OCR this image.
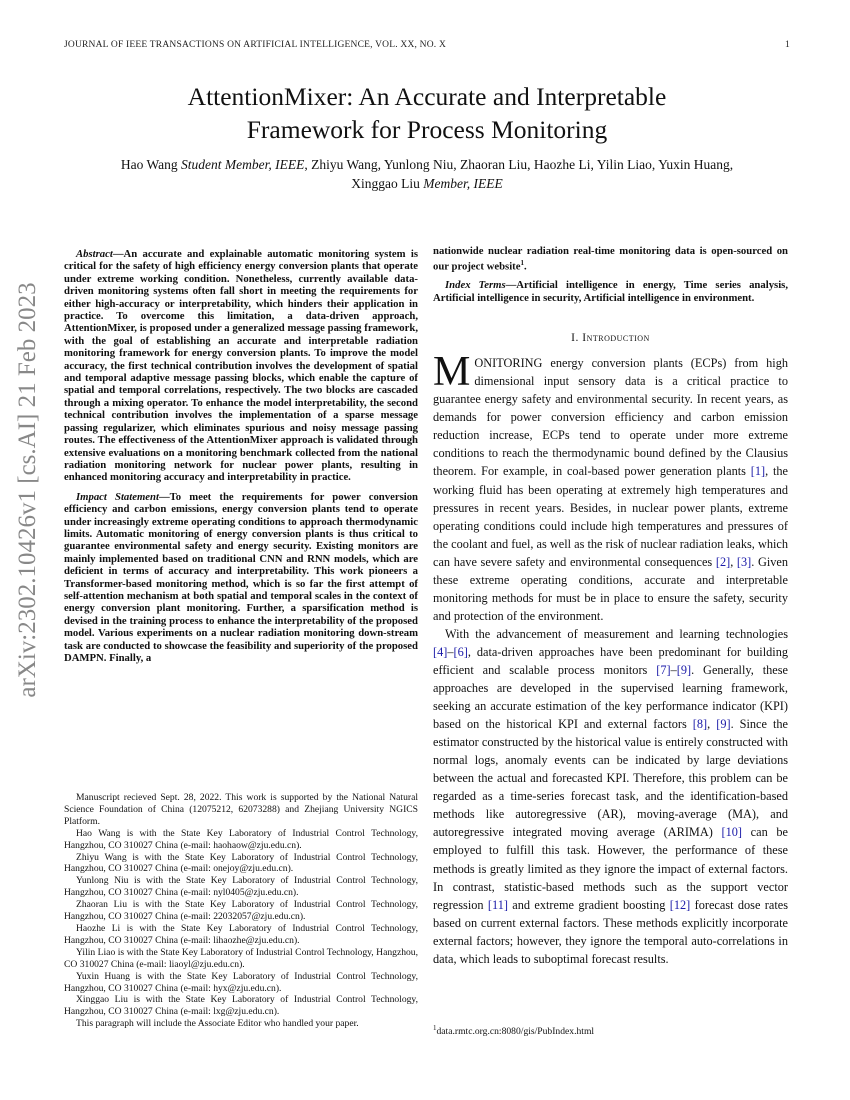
JOURNAL OF IEEE TRANSACTIONS ON ARTIFICIAL INTELLIGENCE, VOL. XX, NO. X	1
arXiv:2302.10426v1 [cs.AI] 21 Feb 2023
AttentionMixer: An Accurate and Interpretable
Framework for Process Monitoring
Hao Wang Student Member, IEEE, Zhiyu Wang, Yunlong Niu, Zhaoran Liu, Haozhe Li, Yilin Liao, Yuxin Huang,
Xinggao Liu Member, IEEE

Abstract—An accurate and explainable automatic monitoring system is critical for the safety of high efficiency energy conversion plants that operate under extreme working condition. Nonetheless, currently available data-driven monitoring systems often fall short in meeting the requirements for either high-accuracy or interpretability, which hinders their application in practice. To overcome this limitation, a data-driven approach, AttentionMixer, is proposed under a generalized message passing framework, with the goal of establishing an accurate and interpretable radiation monitoring framework for energy conversion plants. To improve the model accuracy, the first technical contribution involves the development of spatial and temporal adaptive message passing blocks, which enable the capture of spatial and temporal correlations, respectively. The two blocks are cascaded through a mixing operator. To enhance the model interpretability, the second technical contribution involves the implementation of a sparse message passing regularizer, which eliminates spurious and noisy message passing routes. The effectiveness of the AttentionMixer approach is validated through extensive evaluations on a monitoring benchmark collected from the national radiation monitoring network for nuclear power plants, resulting in enhanced monitoring accuracy and interpretability in practice.

Impact Statement—To meet the requirements for power conversion efficiency and carbon emissions, energy conversion plants tend to operate under increasingly extreme operating conditions to approach thermodynamic limits. Automatic monitoring of energy conversion plants is thus critical to guarantee environmental safety and energy security. Existing monitors are mainly implemented based on traditional CNN and RNN models, which are deficient in terms of accuracy and interpretability. This work pioneers a Transformer-based monitoring method, which is so far the first attempt of self-attention mechanism at both spatial and temporal scales in the context of energy conversion plant monitoring. Further, a sparsification method is devised in the training process to enhance the interpretability of the proposed model. Various experiments on a nuclear radiation monitoring down-stream task are conducted to showcase the feasibility and superiority of the proposed DAMPN. Finally, a

Manuscript recieved Sept. 28, 2022. This work is supported by the National Natural Science Foundation of China (12075212, 62073288) and Zhejiang University NGICS Platform.

Hao Wang is with the State Key Laboratory of Industrial Control Technology, Hangzhou, CO 310027 China (e-mail: haohaow@zju.edu.cn).

Zhiyu Wang is with the State Key Laboratory of Industrial Control Technology, Hangzhou, CO 310027 China (e-mail: onejoy@zju.edu.cn).

Yunlong Niu is with the State Key Laboratory of Industrial Control Technology, Hangzhou, CO 310027 China (e-mail: nyl0405@zju.edu.cn).

Zhaoran Liu is with the State Key Laboratory of Industrial Control Technology, Hangzhou, CO 310027 China (e-mail: 22032057@zju.edu.cn).

Haozhe Li is with the State Key Laboratory of Industrial Control Technology, Hangzhou, CO 310027 China (e-mail: lihaozhe@zju.edu.cn).

Yilin Liao is with the State Key Laboratory of Industrial Control Technology, Hangzhou, CO 310027 China (e-mail: liaoyl@zju.edu.cn).

Yuxin Huang is with the State Key Laboratory of Industrial Control Technology, Hangzhou, CO 310027 China (e-mail: hyx@zju.edu.cn).

Xinggao Liu is with the State Key Laboratory of Industrial Control Technology, Hangzhou, CO 310027 China (e-mail: lxg@zju.edu.cn).

This paragraph will include the Associate Editor who handled your paper.

nationwide nuclear radiation real-time monitoring data is open-sourced on our project website$^1$.

Index Terms—Artificial intelligence in energy, Time series analysis, Artificial intelligence in security, Artificial intelligence in environment.

I. Introduction

MONITORING energy conversion plants (ECPs) from high dimensional input sensory data is a critical practice to guarantee energy safety and environmental security. In recent years, as demands for power conversion efficiency and carbon emission reduction increase, ECPs tend to operate under more extreme conditions to reach the thermodynamic bound defined by the Clausius theorem. For example, in coal-based power generation plants [1], the working fluid has been operating at extremely high temperatures and pressures in recent years. Besides, in nuclear power plants, extreme operating conditions could include high temperatures and pressures of the coolant and fuel, as well as the risk of nuclear radiation leaks, which can have severe safety and environmental consequences [2], [3]. Given these extreme operating conditions, accurate and interpretable monitoring methods for must be in place to ensure the safety, security and protection of the environment.

With the advancement of measurement and learning technologies [4]–[6], data-driven approaches have been predominant for building efficient and scalable process monitors [7]–[9]. Generally, these approaches are developed in the supervised learning framework, seeking an accurate estimation of the key performance indicator (KPI) based on the historical KPI and external factors [8], [9]. Since the estimator constructed by the historical value is entirely constructed with normal logs, anomaly events can be indicated by large deviations between the actual and forecasted KPI. Therefore, this problem can be regarded as a time-series forecast task, and the identification-based methods like autoregressive (AR), moving-average (MA), and autoregressive integrated moving average (ARIMA) [10] can be employed to fulfill this task. However, the performance of these methods is greatly limited as they ignore the impact of external factors. In contrast, statistic-based methods such as the support vector regression [11] and extreme gradient boosting [12] forecast dose rates based on current external factors. These methods explicitly incorporate external factors; however, they ignore the temporal auto-correlations in data, which leads to suboptimal forecast results.

$^1$data.rmtc.org.cn:8080/gis/PubIndex.html
